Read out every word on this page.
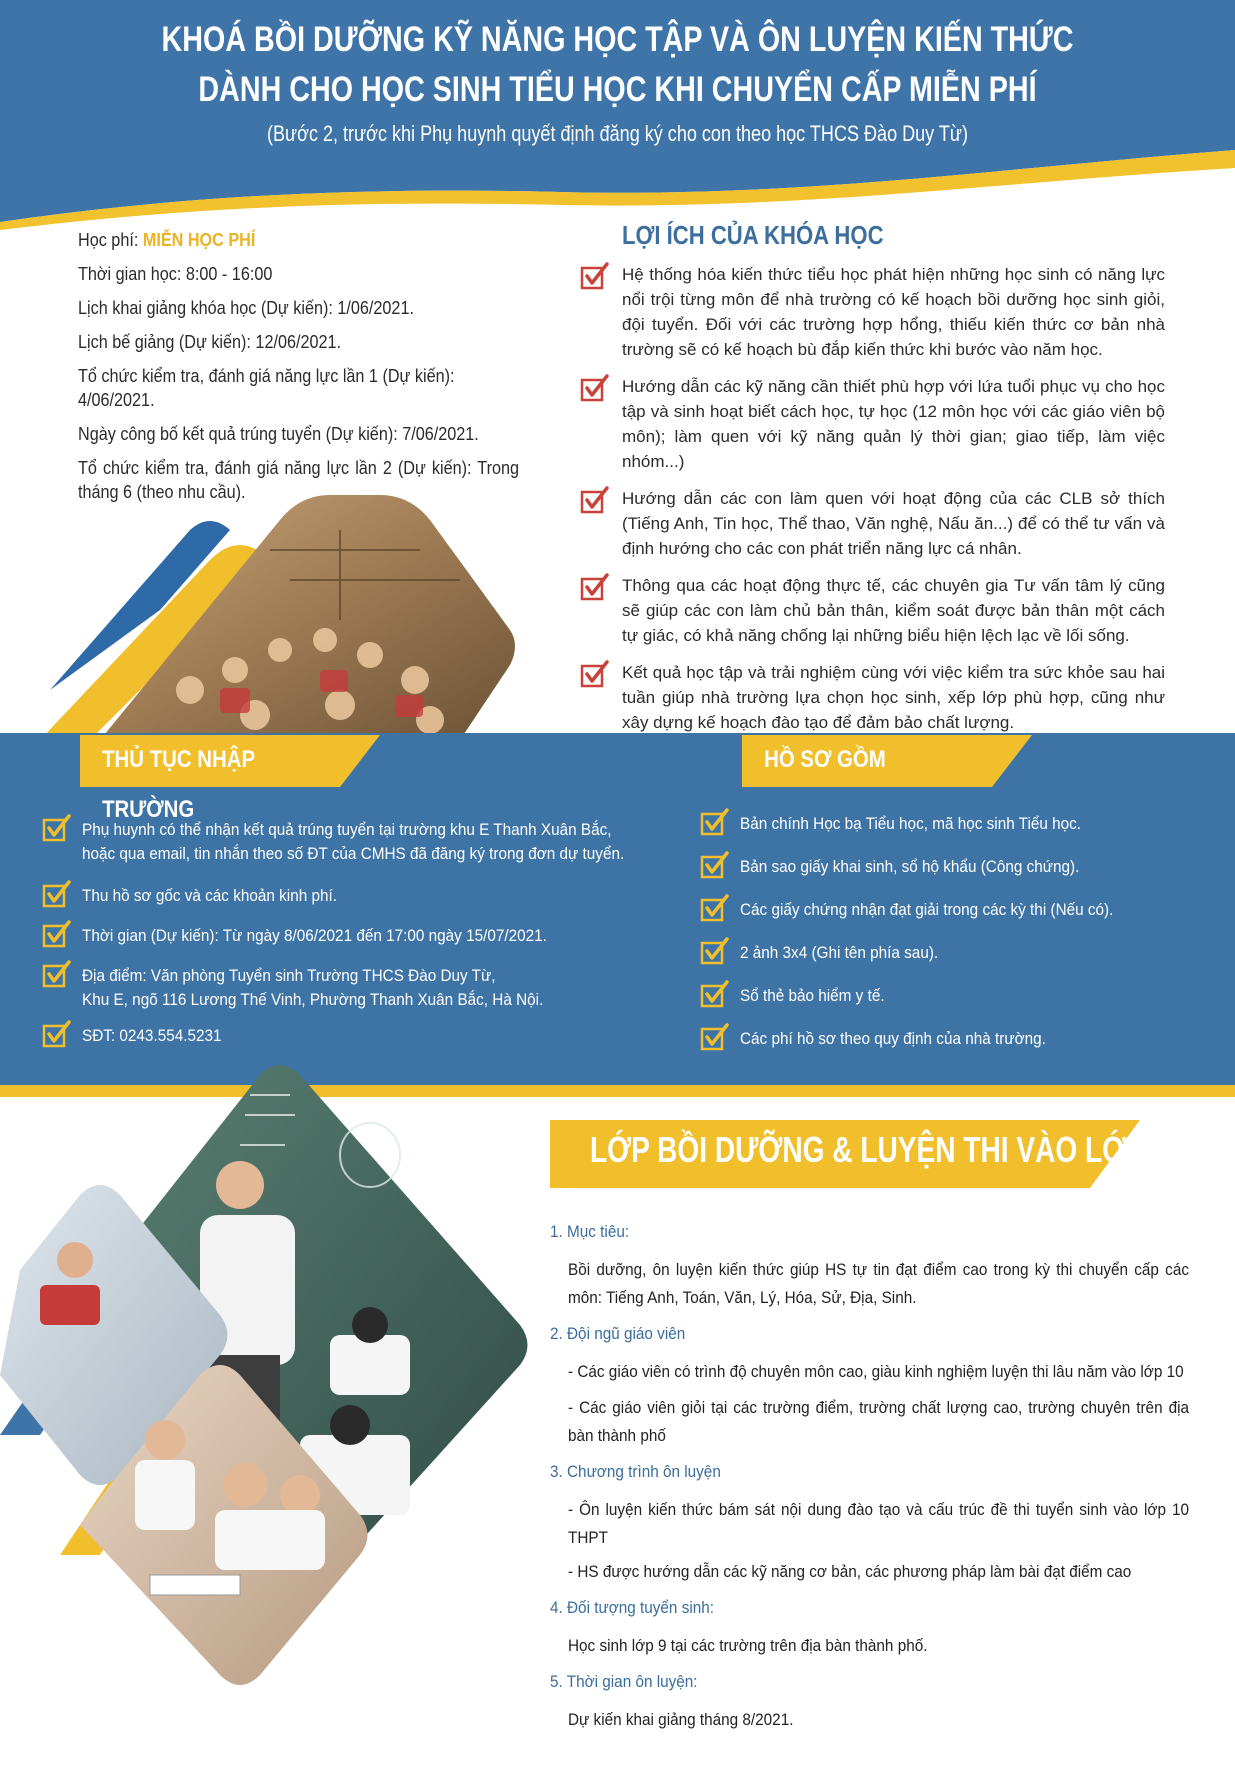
KHOÁ BỒI DƯỠNG KỸ NĂNG HỌC TẬP VÀ ÔN LUYỆN KIẾN THỨC
DÀNH CHO HỌC SINH TIỂU HỌC KHI CHUYỂN CẤP MIỄN PHÍ
(Bước 2, trước khi Phụ huynh quyết định đăng ký cho con theo học THCS Đào Duy Từ)
Học phí: MIỄN HỌC PHÍ
Thời gian học: 8:00 - 16:00
Lịch khai giảng khóa học (Dự kiến): 1/06/2021.
Lịch bế giảng (Dự kiến): 12/06/2021.
Tổ chức kiểm tra, đánh giá năng lực lần 1 (Dự kiến): 4/06/2021.
Ngày công bố kết quả trúng tuyển (Dự kiến): 7/06/2021.
Tổ chức kiểm tra, đánh giá năng lực lần 2 (Dự kiến): Trong tháng 6 (theo nhu cầu).
LỢI ÍCH CỦA KHÓA HỌC
Hệ thống hóa kiến thức tiểu học phát hiện những học sinh có năng lực nổi trội từng môn để nhà trường có kế hoạch bồi dưỡng học sinh giỏi, đội tuyển. Đối với các trường hợp hổng, thiếu kiến thức cơ bản nhà trường sẽ có kế hoạch bù đắp kiến thức khi bước vào năm học.
Hướng dẫn các kỹ năng cần thiết phù hợp với lứa tuổi phục vụ cho học tập và sinh hoạt biết cách học, tự học (12 môn học với các giáo viên bộ môn); làm quen với kỹ năng quản lý thời gian; giao tiếp, làm việc nhóm...)
Hướng dẫn các con làm quen với hoạt động của các CLB sở thích (Tiếng Anh, Tin học, Thể thao, Văn nghệ, Nấu ăn...) để có thể tư vấn và định hướng cho các con phát triển năng lực cá nhân.
Thông qua các hoạt động thực tế, các chuyên gia Tư vấn tâm lý cũng sẽ giúp các con làm chủ bản thân, kiểm soát được bản thân một cách tự giác, có khả năng chống lại những biểu hiện lệch lạc về lối sống.
Kết quả học tập và trải nghiệm cùng với việc kiểm tra sức khỏe sau hai tuần giúp nhà trường lựa chọn học sinh, xếp lớp phù hợp, cũng như xây dựng kế hoạch đào tạo để đảm bảo chất lượng.
THỦ TỤC NHẬP TRƯỜNG
HỒ SƠ GỒM
Phụ huynh có thể nhận kết quả trúng tuyển tại trường khu E Thanh Xuân Bắc,
hoặc qua email, tin nhắn theo số ĐT của CMHS đã đăng ký trong đơn dự tuyển.
Thu hồ sơ gốc và các khoản kinh phí.
Thời gian (Dự kiến): Từ ngày 8/06/2021 đến 17:00 ngày 15/07/2021.
Địa điểm: Văn phòng Tuyển sinh Trường THCS Đào Duy Từ,
Khu E, ngõ 116 Lương Thế Vinh, Phường Thanh Xuân Bắc, Hà Nội.
SĐT: 0243.554.5231
Bản chính Học bạ Tiểu học, mã học sinh Tiểu học.
Bản sao giấy khai sinh, sổ hộ khẩu (Công chứng).
Các giấy chứng nhận đạt giải trong các kỳ thi (Nếu có).
2 ảnh 3x4 (Ghi tên phía sau).
Sổ thẻ bảo hiểm y tế.
Các phí hồ sơ theo quy định của nhà trường.
LỚP BỒI DƯỠNG & LUYỆN THI VÀO LỚP 10
1. Mục tiêu:
Bồi dưỡng, ôn luyện kiến thức giúp HS tự tin đạt điểm cao trong kỳ thi chuyển cấp các môn: Tiếng Anh, Toán, Văn, Lý, Hóa, Sử, Địa, Sinh.
2. Đội ngũ giáo viên
- Các giáo viên có trình độ chuyên môn cao, giàu kinh nghiệm luyện thi lâu năm vào lớp 10
- Các giáo viên giỏi tại các trường điểm, trường chất lượng cao, trường chuyên trên địa bàn thành phố
3. Chương trình ôn luyện
- Ôn luyện kiến thức bám sát nội dung đào tạo và cấu trúc đề thi tuyển sinh vào lớp 10 THPT
- HS được hướng dẫn các kỹ năng cơ bản, các phương pháp làm bài đạt điểm cao
4. Đối tượng tuyển sinh:
Học sinh lớp 9 tại các trường trên địa bàn thành phố.
5. Thời gian ôn luyện:
Dự kiến khai giảng tháng 8/2021.
